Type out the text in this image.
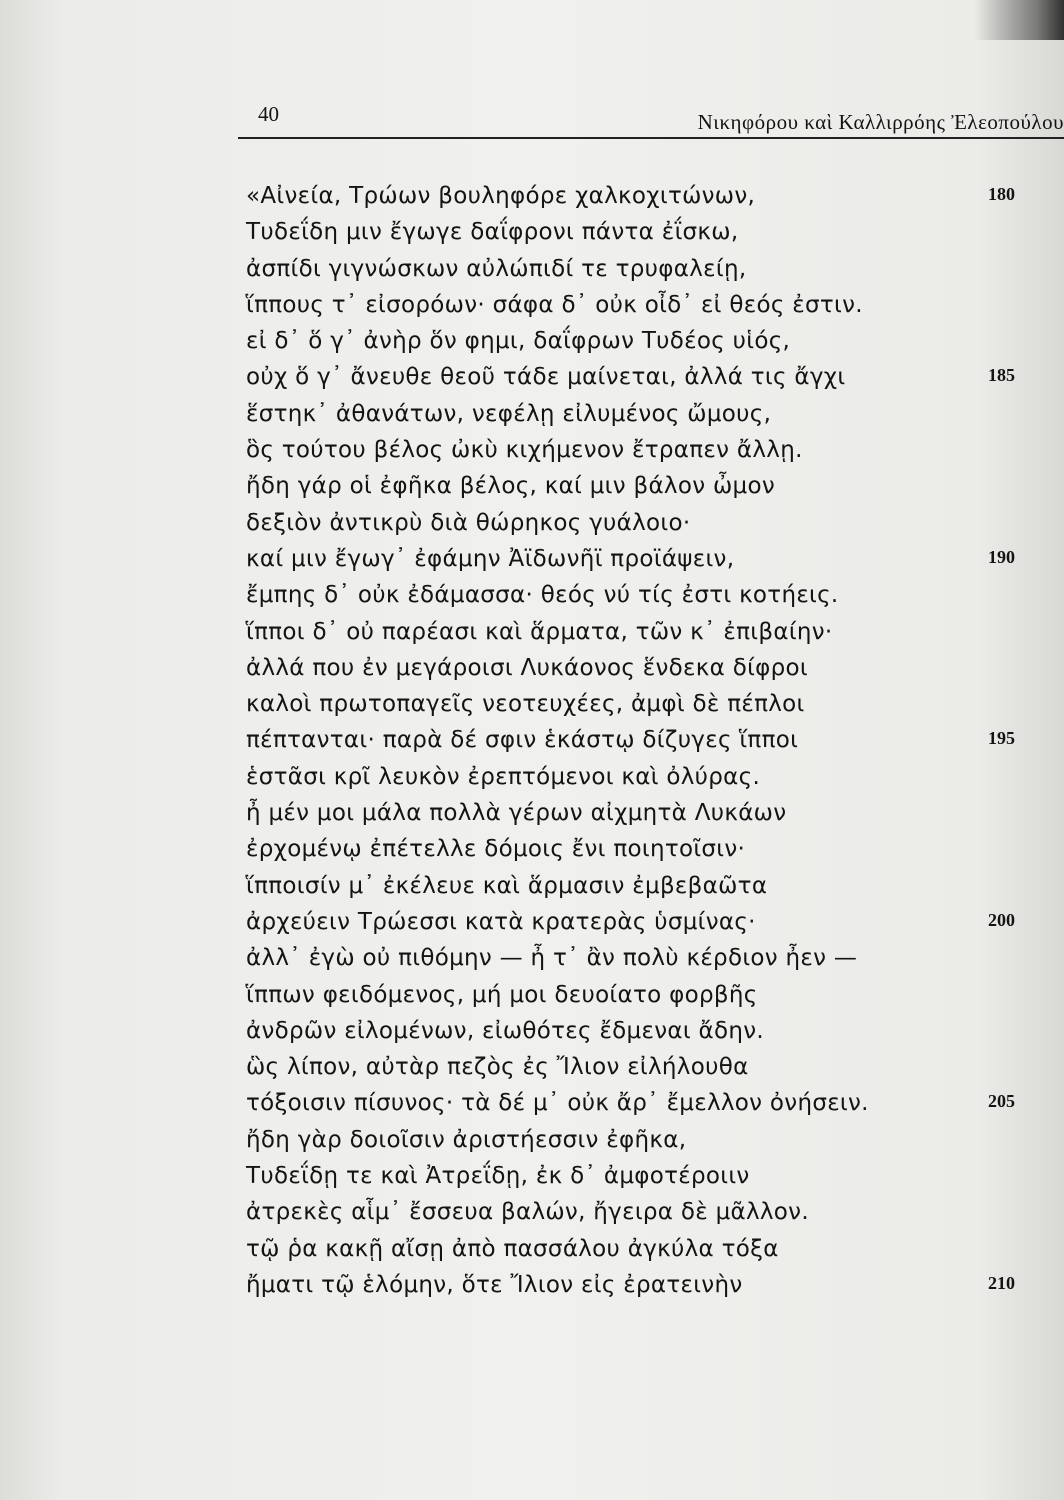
40	Νικηφόρου καὶ Καλλιρρόης Ἐλεοπούλου
«Αἰνεία, Τρώων βουληφόρε χαλκοχιτώνων,	180
Τυδεΐδη μιν ἔγωγε δαΐφρονι πάντα ἐΐσκω,
ἀσπίδι γιγνώσκων αὐλώπιδί τε τρυφαλείῃ,
ἵππους τ᾽ εἰσορόων· σάφα δ᾽ οὐκ οἶδ᾽ εἰ θεός ἐστιν.
εἰ δ᾽ ὅ γ᾽ ἀνὴρ ὅν φημι, δαΐφρων Τυδέος υἱός,
οὐχ ὅ γ᾽ ἄνευθε θεοῦ τάδε μαίνεται, ἀλλά τις ἄγχι	185
ἕστηκ᾽ ἀθανάτων, νεφέλῃ εἰλυμένος ὤμους,
ὃς τούτου βέλος ὠκὺ κιχήμενον ἔτραπεν ἄλλῃ.
ἤδη γάρ οἱ ἐφῆκα βέλος, καί μιν βάλον ὦμον
δεξιὸν ἀντικρὺ διὰ θώρηκος γυάλοιο·
καί μιν ἔγωγ᾽ ἐφάμην Ἀϊδωνῆϊ προϊάψειν,	190
ἔμπης δ᾽ οὐκ ἐδάμασσα· θεός νύ τίς ἐστι κοτήεις.
ἵπποι δ᾽ οὐ παρέασι καὶ ἅρματα, τῶν κ᾽ ἐπιβαίην·
ἀλλά που ἐν μεγάροισι Λυκάονος ἕνδεκα δίφροι
καλοὶ πρωτοπαγεῖς νεοτευχέες, ἀμφὶ δὲ πέπλοι
πέπτανται· παρὰ δέ σφιν ἑκάστῳ δίζυγες ἵπποι	195
ἑστᾶσι κρῖ λευκὸν ἐρεπτόμενοι καὶ ὀλύρας.
ἦ μέν μοι μάλα πολλὰ γέρων αἰχμητὰ Λυκάων
ἐρχομένῳ ἐπέτελλε δόμοις ἔνι ποιητοῖσιν·
ἵπποισίν μ᾽ ἐκέλευε καὶ ἅρμασιν ἐμβεβαῶτα
ἀρχεύειν Τρώεσσι κατὰ κρατερὰς ὑσμίνας·	200
ἀλλ᾽ ἐγὼ οὐ πιθόμην — ἦ τ᾽ ἂν πολὺ κέρδιον ἦεν —
ἵππων φειδόμενος, μή μοι δευοίατο φορβῆς
ἀνδρῶν εἰλομένων, εἰωθότες ἔδμεναι ἄδην.
ὣς λίπον, αὐτὰρ πεζὸς ἐς Ἴλιον εἰλήλουθα
τόξοισιν πίσυνος· τὰ δέ μ᾽ οὐκ ἄρ᾽ ἔμελλον ὀνήσειν.	205
ἤδη γὰρ δοιοῖσιν ἀριστήεσσιν ἐφῆκα,
Τυδεΐδῃ τε καὶ Ἀτρεΐδῃ, ἐκ δ᾽ ἀμφοτέροιιν
ἀτρεκὲς αἷμ᾽ ἔσσευα βαλών, ἤγειρα δὲ μᾶλλον.
τῷ ῥα κακῇ αἴσῃ ἀπὸ πασσάλου ἀγκύλα τόξα
ἤματι τῷ ἑλόμην, ὅτε Ἴλιον εἰς ἐρατεινὴν	210
